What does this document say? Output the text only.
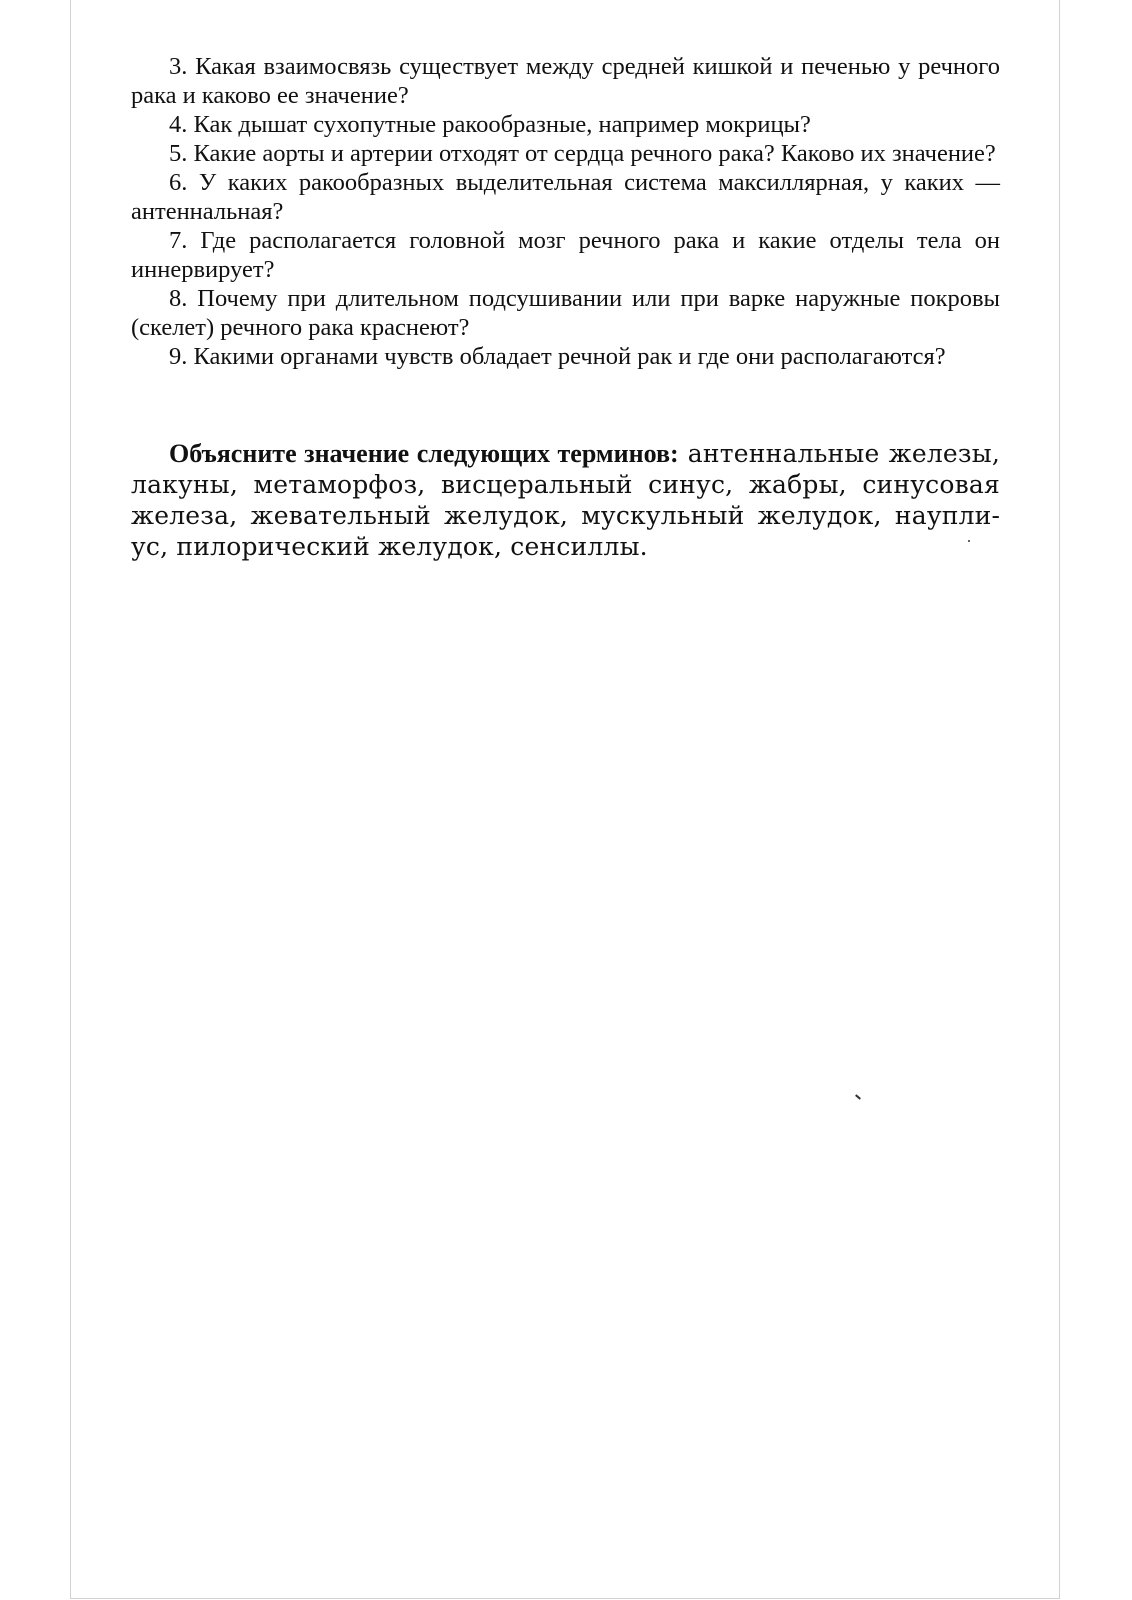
3. Какая взаимосвязь существует между средней кишкой и печенью у речного рака и каково ее значение?
4. Как дышат сухопутные ракообразные, например мокрицы?
5. Какие аорты и артерии отходят от сердца речного рака? Каково их значение?
6. У каких ракообразных выделительная система максиллярная, у каких — антеннальная?
7. Где располагается головной мозг речного рака и какие отделы тела он иннервирует?
8. Почему при длительном подсушивании или при варке наружные покровы (скелет) речного рака краснеют?
9. Какими органами чувств обладает речной рак и где они располагаются?

Объясните значение следующих терминов: антеннальные железы, лакуны, метаморфоз, висцеральный синус, жабры, синусовая железа, жевательный желудок, мускульный желудок, науплиус, пилорический желудок, сенсиллы.
